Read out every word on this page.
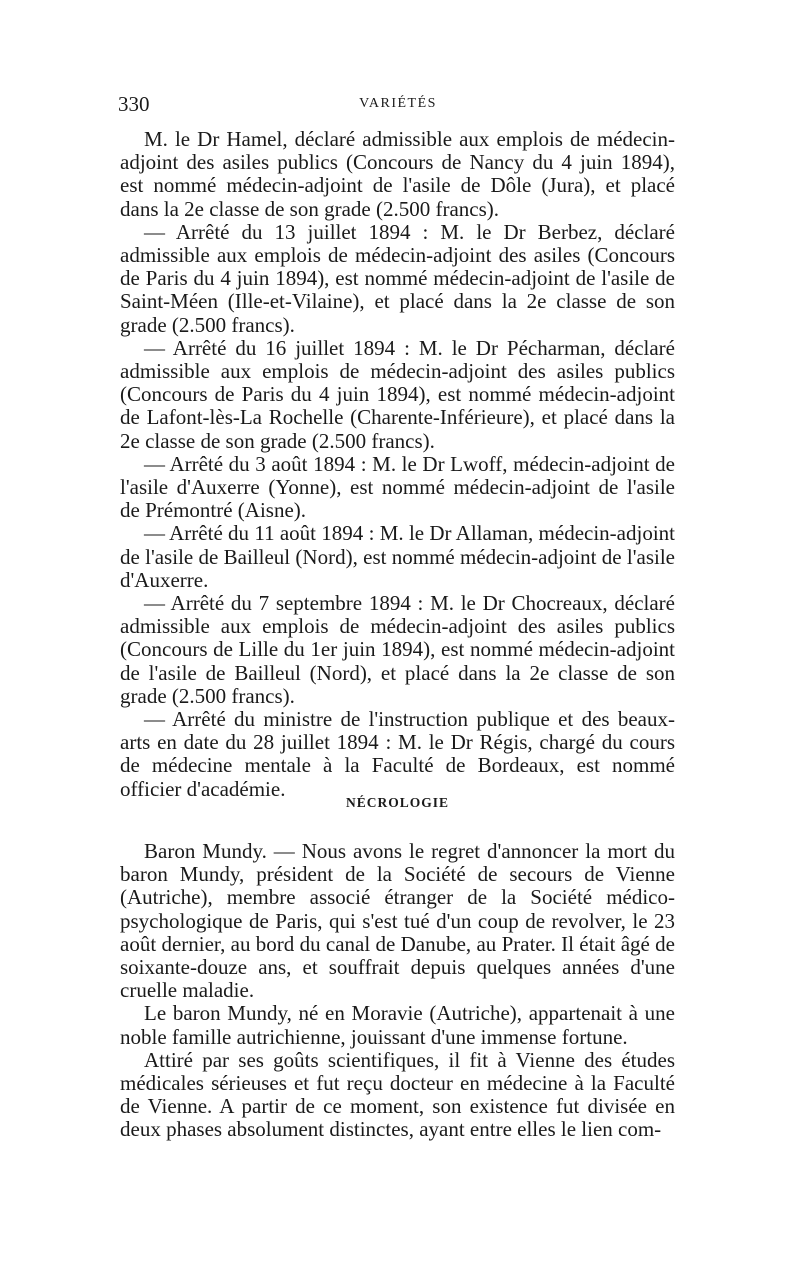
330	VARIÉTÉS

M. le Dr Hamel, déclaré admissible aux emplois de médecin-adjoint des asiles publics (Concours de Nancy du 4 juin 1894), est nommé médecin-adjoint de l'asile de Dôle (Jura), et placé dans la 2e classe de son grade (2.500 francs).

— Arrêté du 13 juillet 1894 : M. le Dr Berbez, déclaré admissible aux emplois de médecin-adjoint des asiles (Concours de Paris du 4 juin 1894), est nommé médecin-adjoint de l'asile de Saint-Méen (Ille-et-Vilaine), et placé dans la 2e classe de son grade (2.500 francs).

— Arrêté du 16 juillet 1894 : M. le Dr Pécharman, déclaré admissible aux emplois de médecin-adjoint des asiles publics (Concours de Paris du 4 juin 1894), est nommé médecin-adjoint de Lafont-lès-La Rochelle (Charente-Inférieure), et placé dans la 2e classe de son grade (2.500 francs).

— Arrêté du 3 août 1894 : M. le Dr Lwoff, médecin-adjoint de l'asile d'Auxerre (Yonne), est nommé médecin-adjoint de l'asile de Prémontré (Aisne).

— Arrêté du 11 août 1894 : M. le Dr Allaman, médecin-adjoint de l'asile de Bailleul (Nord), est nommé médecin-adjoint de l'asile d'Auxerre.

— Arrêté du 7 septembre 1894 : M. le Dr Chocreaux, déclaré admissible aux emplois de médecin-adjoint des asiles publics (Concours de Lille du 1er juin 1894), est nommé médecin-adjoint de l'asile de Bailleul (Nord), et placé dans la 2e classe de son grade (2.500 francs).

— Arrêté du ministre de l'instruction publique et des beaux-arts en date du 28 juillet 1894 : M. le Dr Régis, chargé du cours de médecine mentale à la Faculté de Bordeaux, est nommé officier d'académie.

NÉCROLOGIE

Baron Mundy. — Nous avons le regret d'annoncer la mort du baron Mundy, président de la Société de secours de Vienne (Autriche), membre associé étranger de la Société médico-psychologique de Paris, qui s'est tué d'un coup de revolver, le 23 août dernier, au bord du canal de Danube, au Prater. Il était âgé de soixante-douze ans, et souffrait depuis quelques années d'une cruelle maladie.

Le baron Mundy, né en Moravie (Autriche), appartenait à une noble famille autrichienne, jouissant d'une immense fortune.

Attiré par ses goûts scientifiques, il fit à Vienne des études médicales sérieuses et fut reçu docteur en médecine à la Faculté de Vienne. A partir de ce moment, son existence fut divisée en deux phases absolument distinctes, ayant entre elles le lien com-
